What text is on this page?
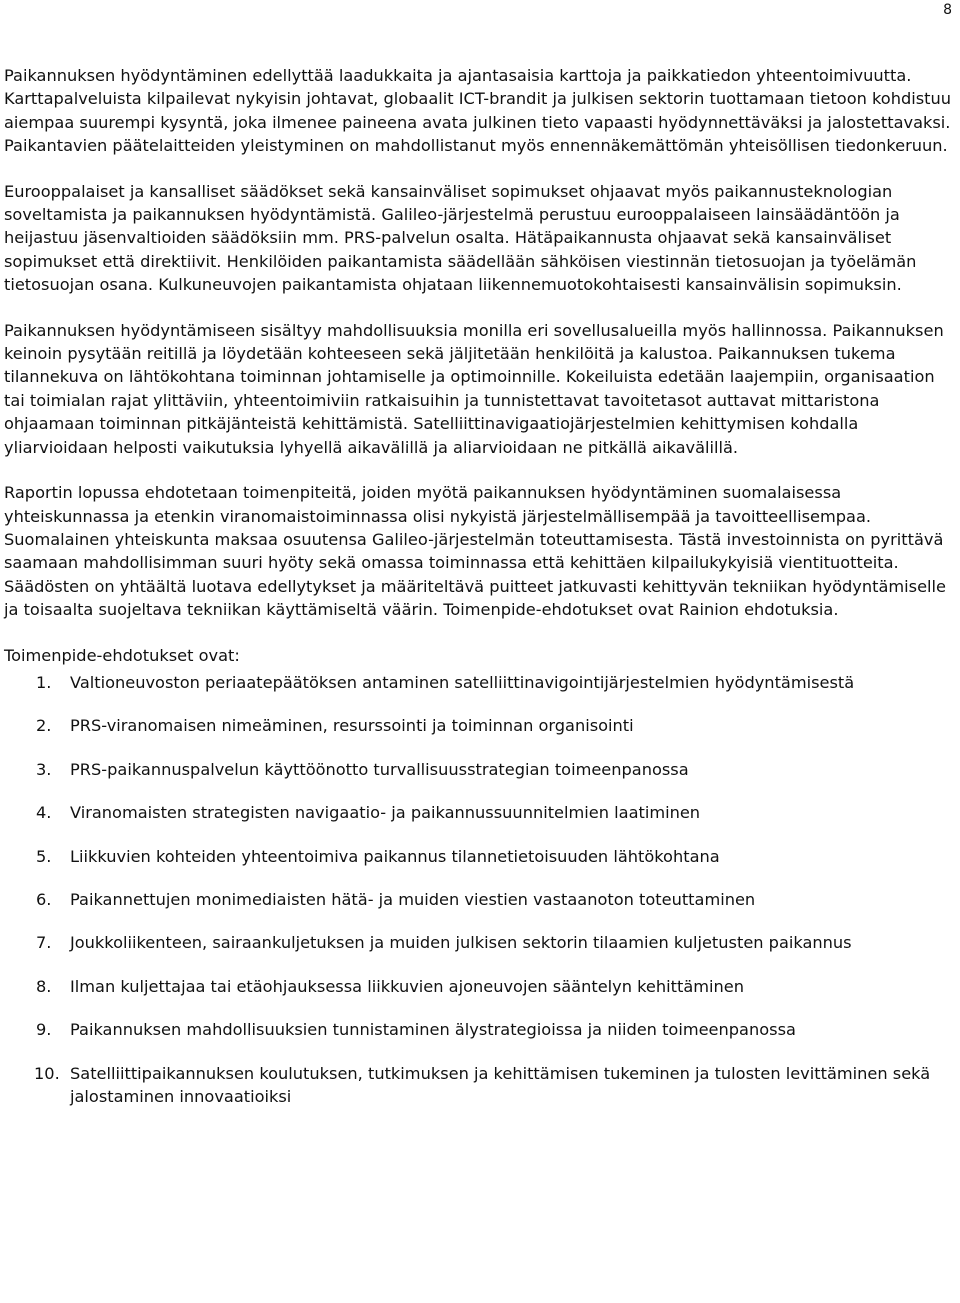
8

Paikannuksen hyödyntäminen edellyttää laadukkaita ja ajantasaisia karttoja ja paikkatiedon yhteentoimivuutta. Karttapalveluista kilpailevat nykyisin johtavat, globaalit ICT-brandit ja julkisen sektorin tuottamaan tietoon kohdistuu aiempaa suurempi kysyntä, joka ilmenee paineena avata julkinen tieto vapaasti hyödynnettäväksi ja jalostettavaksi. Paikantavien päätelaitteiden yleistyminen on mahdollistanut myös ennennäkemättömän yhteisöllisen tiedonkeruun.

Eurooppalaiset ja kansalliset säädökset sekä kansainväliset sopimukset ohjaavat myös paikannusteknologian soveltamista ja paikannuksen hyödyntämistä. Galileo-järjestelmä perustuu eurooppalaiseen lainsäädäntöön ja heijastuu jäsenvaltioiden säädöksiin mm. PRS-palvelun osalta. Hätäpaikannusta ohjaavat sekä kansainväliset sopimukset että direktiivit. Henkilöiden paikantamista säädellään sähköisen viestinnän tietosuojan ja työelämän tietosuojan osana. Kulkuneuvojen paikantamista ohjataan liikennemuotokohtaisesti kansainvälisin sopimuksin.

Paikannuksen hyödyntämiseen sisältyy mahdollisuuksia monilla eri sovellusalueilla myös hallinnossa. Paikannuksen keinoin pysytään reitillä ja löydetään kohteeseen sekä jäljitetään henkilöitä ja kalustoa. Paikannuksen tukema tilannekuva on lähtökohtana toiminnan johtamiselle ja optimoinnille. Kokeiluista edetään laajempiin, organisaation tai toimialan rajat ylittäviin, yhteentoimiviin ratkaisuihin ja tunnistettavat tavoitetasot auttavat mittaristona ohjaamaan toiminnan pitkäjänteistä kehittämistä. Satelliittinavigaatiojärjestelmien kehittymisen kohdalla yliarvioidaan helposti vaikutuksia lyhyellä aikavälillä ja aliarvioidaan ne pitkällä aikavälillä.

Raportin lopussa ehdotetaan toimenpiteitä, joiden myötä paikannuksen hyödyntäminen suomalaisessa yhteiskunnassa ja etenkin viranomaistoiminnassa olisi nykyistä järjestelmällisempää ja tavoitteellisempaa. Suomalainen yhteiskunta maksaa osuutensa Galileo-järjestelmän toteuttamisesta. Tästä investoinnista on pyrittävä saamaan mahdollisimman suuri hyöty sekä omassa toiminnassa että kehittäen kilpailukykyisiä vientituotteita. Säädösten on yhtäältä luotava edellytykset ja määriteltävä puitteet jatkuvasti kehittyvän tekniikan hyödyntämiselle ja toisaalta suojeltava tekniikan käyttämiseltä väärin. Toimenpide-ehdotukset ovat Rainion ehdotuksia.

Toimenpide-ehdotukset ovat:

1.	Valtioneuvoston periaatepäätöksen antaminen satelliittinavigointijärjestelmien hyödyntämisestä
2.	PRS-viranomaisen nimeäminen, resurssointi ja toiminnan organisointi
3.	PRS-paikannuspalvelun käyttöönotto turvallisuusstrategian toimeenpanossa
4.	Viranomaisten strategisten navigaatio- ja paikannussuunnitelmien laatiminen
5.	Liikkuvien kohteiden yhteentoimiva paikannus tilannetietoisuuden lähtökohtana
6.	Paikannettujen monimediaisten hätä- ja muiden viestien vastaanoton toteuttaminen
7.	Joukkoliikenteen, sairaankuljetuksen ja muiden julkisen sektorin tilaamien kuljetusten paikannus
8.	Ilman kuljettajaa tai etäohjauksessa liikkuvien ajoneuvojen sääntelyn kehittäminen
9.	Paikannuksen mahdollisuuksien tunnistaminen älystrategioissa ja niiden toimeenpanossa
10. Satelliittipaikannuksen koulutuksen, tutkimuksen ja kehittämisen tukeminen ja tulosten levittäminen sekä jalostaminen innovaatioiksi
